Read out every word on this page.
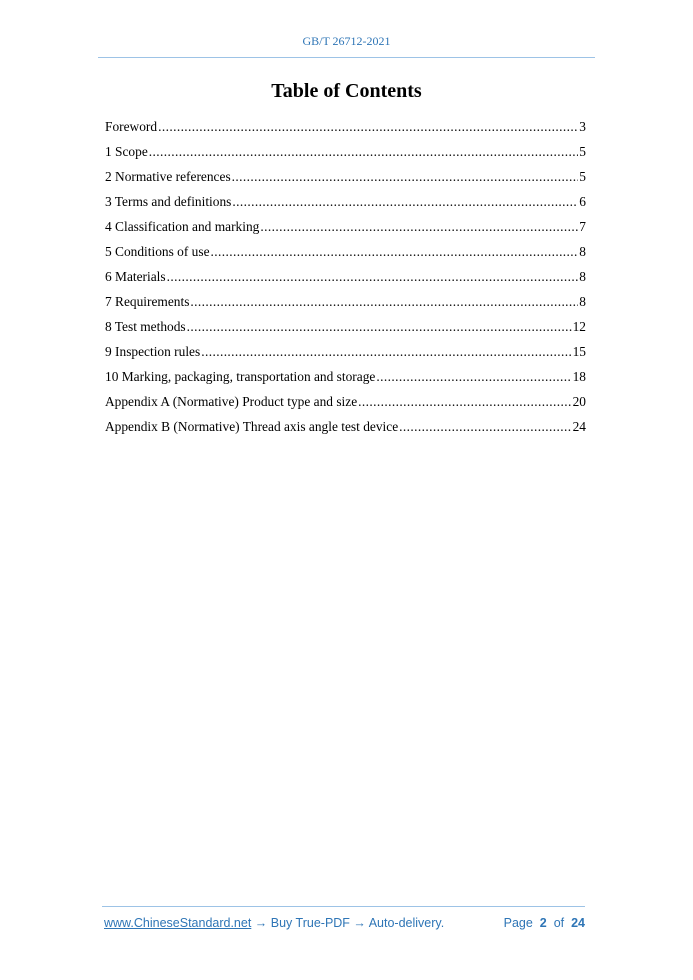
GB/T 26712-2021
Table of Contents
Foreword .....	3
1 Scope .....	5
2 Normative references .....	5
3 Terms and definitions .....	6
4 Classification and marking .....	7
5 Conditions of use .....	8
6 Materials .....	8
7 Requirements .....	8
8 Test methods .....	12
9 Inspection rules .....	15
10 Marking, packaging, transportation and storage .....	18
Appendix A (Normative) Product type and size .....	20
Appendix B (Normative) Thread axis angle test device .....	24
www.ChineseStandard.net → Buy True-PDF → Auto-delivery.	Page 2 of 24
